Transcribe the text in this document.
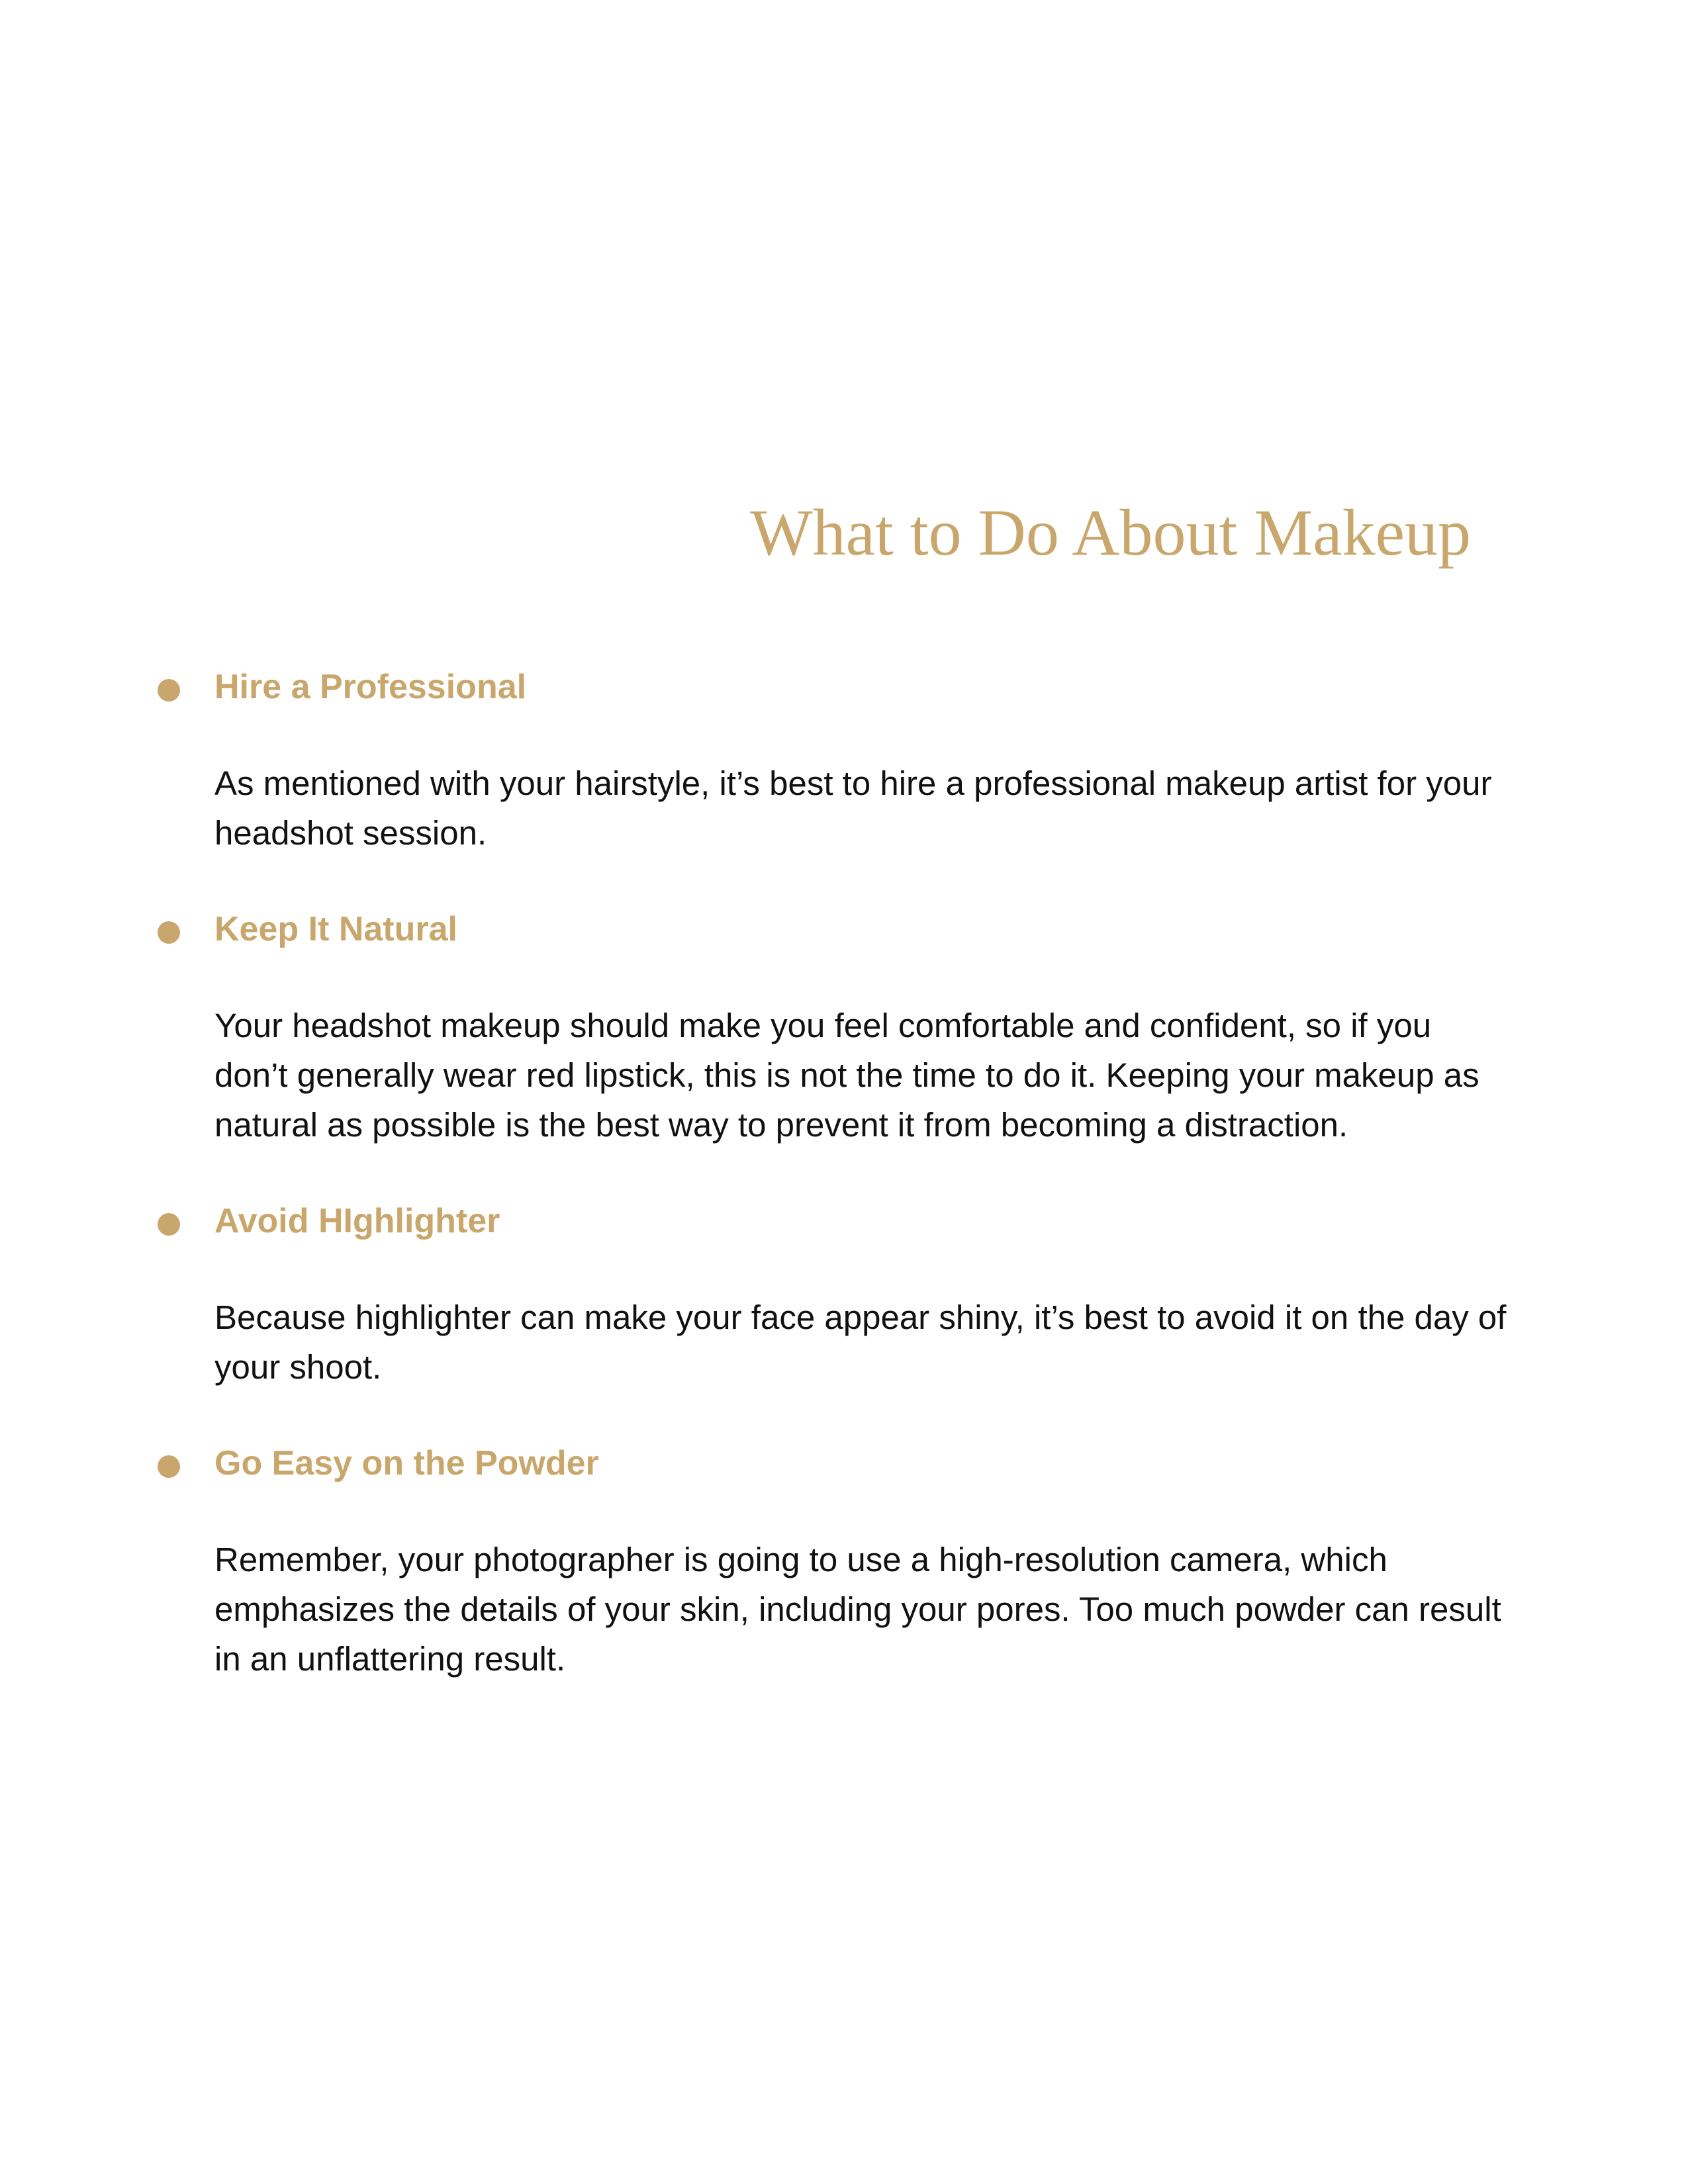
What to Do About Makeup
Hire a Professional

As mentioned with your hairstyle, it’s best to hire a professional makeup artist for your headshot session.

Keep It Natural

Your headshot makeup should make you feel comfortable and confident, so if you don’t generally wear red lipstick, this is not the time to do it. Keeping your makeup as natural as possible is the best way to prevent it from becoming a distraction.

Avoid HIghlighter

Because highlighter can make your face appear shiny, it’s best to avoid it on the day of your shoot.

Go Easy on the Powder

Remember, your photographer is going to use a high-resolution camera, which emphasizes the details of your skin, including your pores. Too much powder can result in an unflattering result.
